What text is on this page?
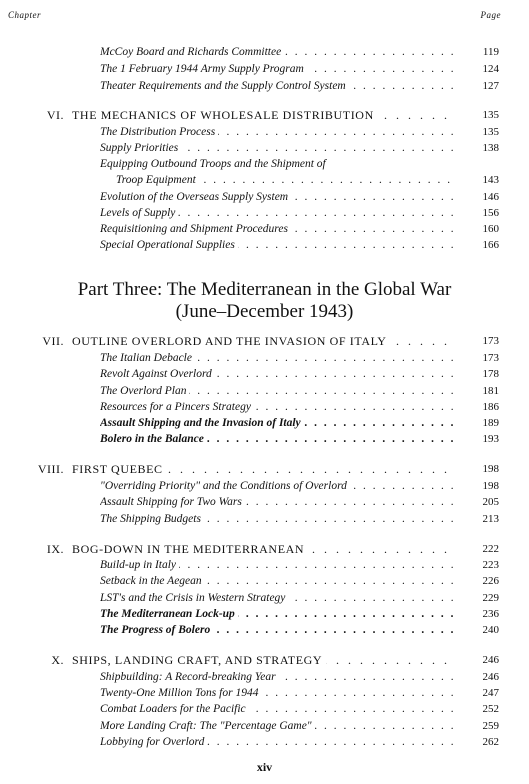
Chapter	Page
McCoy Board and Richards Committee . . .	119
The 1 February 1944 Army Supply Program . . .	124
Theater Requirements and the Supply Control System . . .	127
VI. THE MECHANICS OF WHOLESALE DISTRIBUTION . . .	135
The Distribution Process . . .	135
Supply Priorities . . .	138
Equipping Outbound Troops and the Shipment of
Troop Equipment . . .	143
Evolution of the Overseas Supply System . . .	146
Levels of Supply . . .	156
Requisitioning and Shipment Procedures . . .	160
Special Operational Supplies . . .	166
Part Three: The Mediterranean in the Global War
(June–December 1943)
VII. OUTLINE OVERLORD AND THE INVASION OF ITALY . . .	173
The Italian Debacle . . .	173
Revolt Against Overlord . . .	178
The Overlord Plan . . .	181
Resources for a Pincers Strategy . . .	186
Assault Shipping and the Invasion of Italy . . .	189
Bolero in the Balance . . .	193
VIII. FIRST QUEBEC . . .	198
"Overriding Priority" and the Conditions of Overlord . . .	198
Assault Shipping for Two Wars . . .	205
The Shipping Budgets . . .	213
IX. BOG-DOWN IN THE MEDITERRANEAN . . .	222
Build-up in Italy . . .	223
Setback in the Aegean . . .	226
LST's and the Crisis in Western Strategy . . .	229
The Mediterranean Lock-up . . .	236
The Progress of Bolero . . .	240
X. SHIPS, LANDING CRAFT, AND STRATEGY . . .	246
Shipbuilding: A Record-breaking Year . . .	246
Twenty-One Million Tons for 1944 . . .	247
Combat Loaders for the Pacific . . .	252
More Landing Craft: The "Percentage Game" . . .	259
Lobbying for Overlord . . .	262
xiv
